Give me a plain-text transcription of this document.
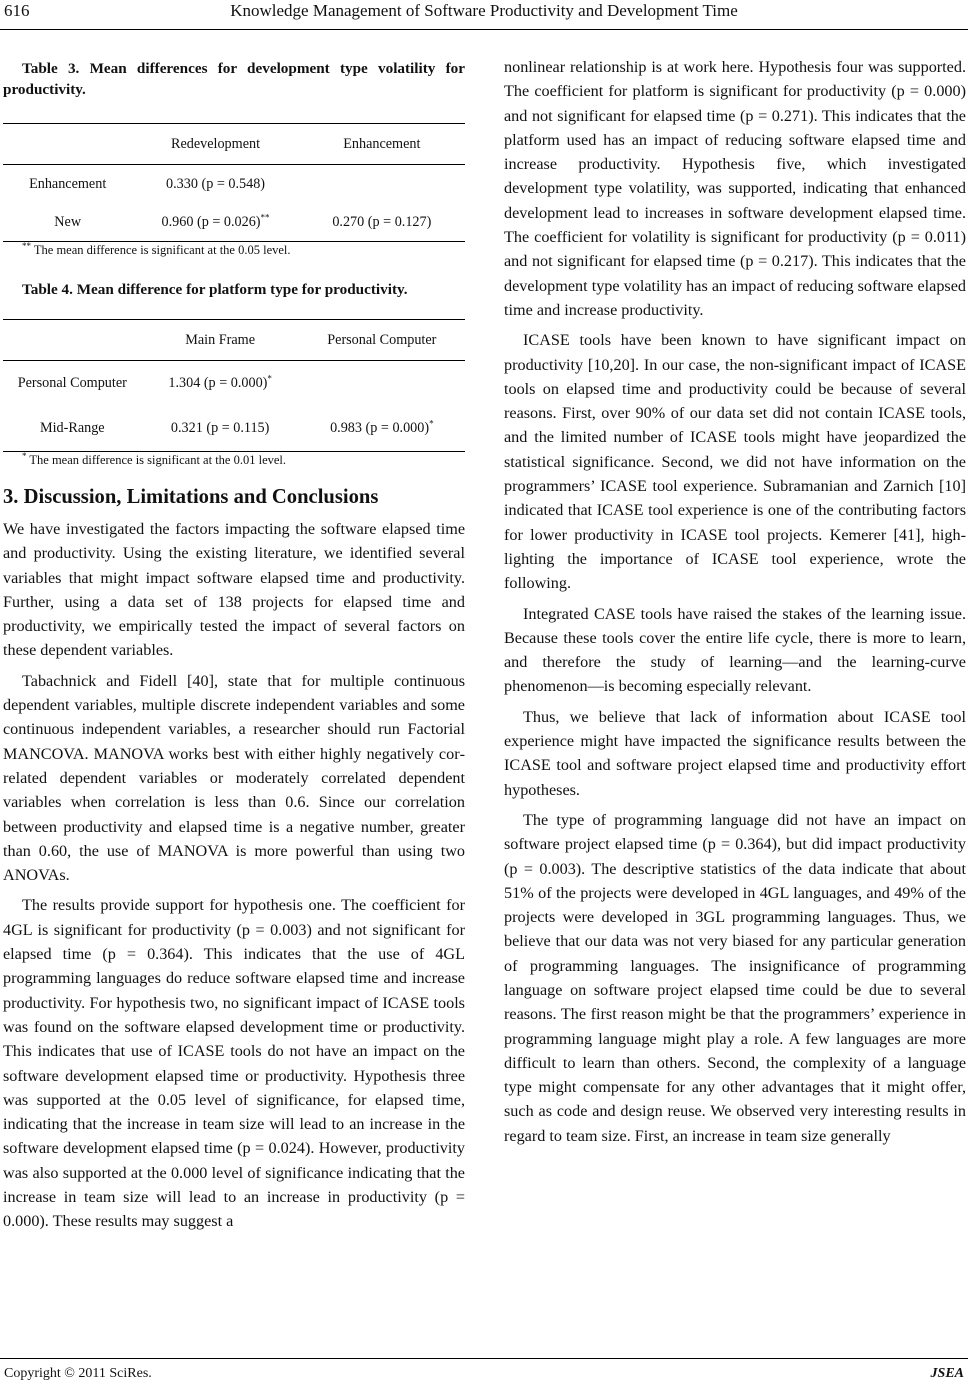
616	Knowledge Management of Software Productivity and Development Time

Table 3. Mean differences for development type volatility for productivity.

	Redevelopment	Enhancement
Enhancement	0.330 (p = 0.548)	
New	0.960 (p = 0.026)**	0.270 (p = 0.127)

** The mean difference is significant at the 0.05 level.

Table 4. Mean difference for platform type for productivity.

	Main Frame	Personal Computer
Personal Computer	1.304 (p = 0.000)*	
Mid-Range	0.321 (p = 0.115)	0.983 (p = 0.000)*

* The mean difference is significant at the 0.01 level.

3. Discussion, Limitations and Conclusions

We have investigated the factors impacting the software elapsed time and productivity. Using the existing literature, we identified several variables that might impact software elapsed time and productivity. Further, using a data set of 138 projects for elapsed time and productivity, we empirically tested the impact of several factors on these dependent variables.

Tabachnick and Fidell [40], state that for multiple continuous dependent variables, multiple discrete independent variables and some continuous independent variables, a researcher should run Factorial MANCOVA. MANOVA works best with either highly negatively correlated dependent variables or moderately correlated dependent variables when correlation is less than 0.6. Since our correlation between productivity and elapsed time is a negative number, greater than 0.60, the use of MANOVA is more powerful than using two ANOVAs.

The results provide support for hypothesis one. The coefficient for 4GL is significant for productivity (p = 0.003) and not significant for elapsed time (p = 0.364). This indicates that the use of 4GL programming languages do reduce software elapsed time and increase productivity. For hypothesis two, no significant impact of ICASE tools was found on the software elapsed development time or productivity. This indicates that use of ICASE tools do not have an impact on the software development elapsed time or productivity. Hypothesis three was supported at the 0.05 level of significance, for elapsed time, indicating that the increase in team size will lead to an increase in the software development elapsed time (p = 0.024). However, productivity was also supported at the 0.000 level of significance indicating that the increase in team size will lead to an increase in productivity (p = 0.000). These results may suggest a

nonlinear relationship is at work here. Hypothesis four was supported. The coefficient for platform is significant for productivity (p = 0.000) and not significant for elapsed time (p = 0.271). This indicates that the platform used has an impact of reducing software elapsed time and increase productivity. Hypothesis five, which investigated development type volatility, was supported, indicating that enhanced development lead to increases in software development elapsed time. The coefficient for volatility is significant for productivity (p = 0.011) and not significant for elapsed time (p = 0.217). This indicates that the development type volatility has an impact of reducing software elapsed time and increase productivity.

ICASE tools have been known to have significant impact on productivity [10,20]. In our case, the non-significant impact of ICASE tools on elapsed time and productivity could be because of several reasons. First, over 90% of our data set did not contain ICASE tools, and the limited number of ICASE tools might have jeopardized the statistical significance. Second, we did not have information on the programmers’ ICASE tool experience. Subramanian and Zarnich [10] indicated that ICASE tool experience is one of the contributing factors for lower productivity in ICASE tool projects. Kemerer [41], highlighting the importance of ICASE tool experience, wrote the following.

Integrated CASE tools have raised the stakes of the learning issue. Because these tools cover the entire life cycle, there is more to learn, and therefore the study of learning—and the learning-curve phenomenon—is becoming especially relevant.

Thus, we believe that lack of information about ICASE tool experience might have impacted the significance results between the ICASE tool and software project elapsed time and productivity effort hypotheses.

The type of programming language did not have an impact on software project elapsed time (p = 0.364), but did impact productivity (p = 0.003). The descriptive statistics of the data indicate that about 51% of the projects were developed in 4GL languages, and 49% of the projects were developed in 3GL programming languages. Thus, we believe that our data was not very biased for any particular generation of programming languages. The insignificance of programming language on software project elapsed time could be due to several reasons. The first reason might be that the programmers’ experience in programming language might play a role. A few languages are more difficult to learn than others. Second, the complexity of a language type might compensate for any other advantages that it might offer, such as code and design reuse. We observed very interesting results in regard to team size. First, an increase in team size generally

Copyright © 2011 SciRes.	JSEA
